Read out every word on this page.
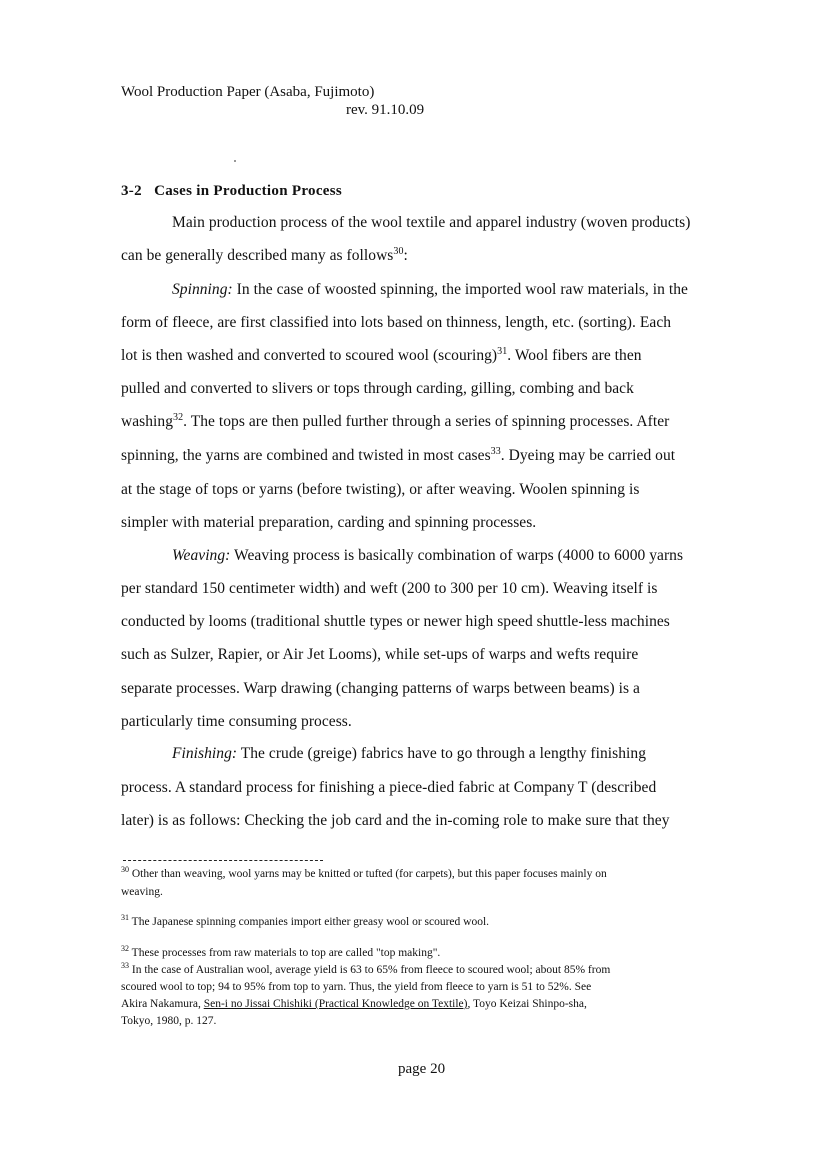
Wool Production Paper (Asaba, Fujimoto)
rev. 91.10.09
3-2 Cases in Production Process
Main production process of the wool textile and apparel industry (woven products)
can be generally described many as follows$^{30}$:
Spinning: In the case of woosted spinning, the imported wool raw materials, in the
form of fleece, are first classified into lots based on thinness, length, etc. (sorting). Each
lot is then washed and converted to scoured wool (scouring)$^{31}$. Wool fibers are then
pulled and converted to slivers or tops through carding, gilling, combing and back
washing$^{32}$. The tops are then pulled further through a series of spinning processes. After
spinning, the yarns are combined and twisted in most cases$^{33}$. Dyeing may be carried out
at the stage of tops or yarns (before twisting), or after weaving. Woolen spinning is
simpler with material preparation, carding and spinning processes.
Weaving: Weaving process is basically combination of warps (4000 to 6000 yarns
per standard 150 centimeter width) and weft (200 to 300 per 10 cm). Weaving itself is
conducted by looms (traditional shuttle types or newer high speed shuttle-less machines
such as Sulzer, Rapier, or Air Jet Looms), while set-ups of warps and wefts require
separate processes. Warp drawing (changing patterns of warps between beams) is a
particularly time consuming process.
Finishing: The crude (greige) fabrics have to go through a lengthy finishing
process. A standard process for finishing a piece-died fabric at Company T (described
later) is as follows: Checking the job card and the in-coming role to make sure that they
$^{30}$ Other than weaving, wool yarns may be knitted or tufted (for carpets), but this paper focuses mainly on
weaving.
$^{31}$ The Japanese spinning companies import either greasy wool or scoured wool.
$^{32}$ These processes from raw materials to top are called "top making".
$^{33}$ In the case of Australian wool, average yield is 63 to 65% from fleece to scoured wool; about 85% from
scoured wool to top; 94 to 95% from top to yarn. Thus, the yield from fleece to yarn is 51 to 52%. See
Akira Nakamura, Sen-i no Jissai Chishiki (Practical Knowledge on Textile), Toyo Keizai Shinpo-sha,
Tokyo, 1980, p. 127.
page 20
